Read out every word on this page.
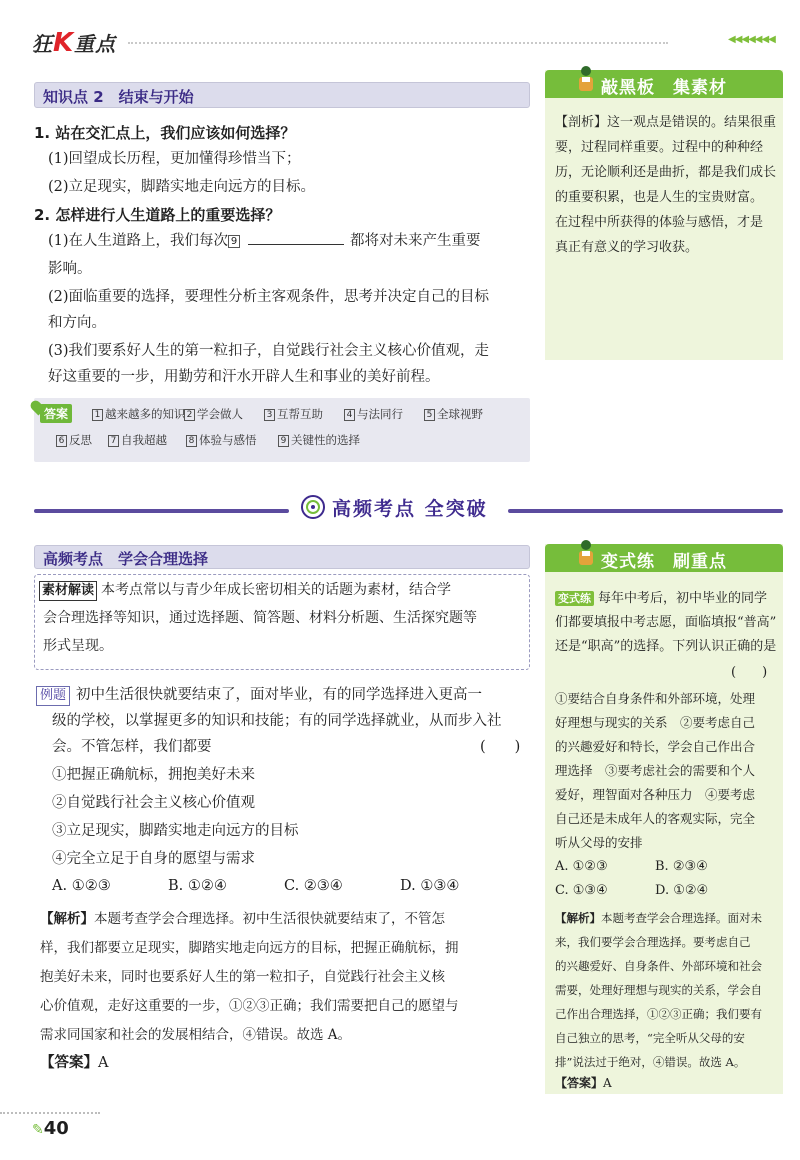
狂K重点	◀◀◀◀◀◀◀
知识点 2　结束与开始
1. 站在交汇点上，我们应该如何选择？
(1)回望成长历程，更加懂得珍惜当下；
(2)立足现实，脚踏实地走向远方的目标。
2. 怎样进行人生道路上的重要选择？
(1)在人生道路上，我们每次 9	都将对未来产生重要
影响。
(2)面临重要的选择，要理性分析主客观条件，思考并决定自己的目标
和方向。
(3)我们要系好人生的第一粒扣子，自觉践行社会主义核心价值观，走
好这重要的一步，用勤劳和汗水开辟人生和事业的美好前程。
答案	1 越来越多的知识 2 学会做人	3 互帮互助	4 与法同行	5 全球视野
6 反思 7 自我超越 8 体验与感悟	9 关键性的选择
敲黑板　集素材
【剖析】这一观点是错误的。结果很重
要，过程同样重要。过程中的种种经
历，无论顺利还是曲折，都是我们成长
的重要积累，也是人生的宝贵财富。
在过程中所获得的体验与感悟，才是
真正有意义的学习收获。
高频考点 全突破
高频考点　学会合理选择
素材解读 本考点常以与青少年成长密切相关的话题为素材，结合学
会合理选择等知识，通过选择题、简答题、材料分析题、生活探究题等
形式呈现。
例题 初中生活很快就要结束了，面对毕业，有的同学选择进入更高一
级的学校，以掌握更多的知识和技能；有的同学选择就业，从而步入社
会。不管怎样，我们都要	(　　)
①把握正确航标，拥抱美好未来
②自觉践行社会主义核心价值观
③立足现实，脚踏实地走向远方的目标
④完全立足于自身的愿望与需求
A. ①②③	B. ①②④	C. ②③④	D. ①③④
【解析】本题考查学会合理选择。初中生活很快就要结束了，不管怎
样，我们都要立足现实，脚踏实地走向远方的目标，把握正确航标，拥
抱美好未来，同时也要系好人生的第一粒扣子，自觉践行社会主义核
心价值观，走好这重要的一步，①②③正确；我们需要把自己的愿望与
需求同国家和社会的发展相结合，④错误。故选 A。
【答案】A
变式练　刷重点
变式练 每年中考后，初中毕业的同学
们都要填报中考志愿，面临填报“普高”
还是“职高”的选择。下列认识正确的是
(　　)
①要结合自身条件和外部环境，处理
好理想与现实的关系　②要考虑自己
的兴趣爱好和特长，学会自己作出合
理选择　③要考虑社会的需要和个人
爱好，理智面对各种压力　④要考虑
自己还是未成年人的客观实际，完全
听从父母的安排
A. ①②③	B. ②③④
C. ①③④	D. ①②④
【解析】本题考查学会合理选择。面对未
来，我们要学会合理选择。要考虑自己
的兴趣爱好、自身条件、外部环境和社会
需要，处理好理想与现实的关系，学会自
己作出合理选择，①②③正确；我们要有
自己独立的思考，“完全听从父母的安
排”说法过于绝对，④错误。故选 A。
【答案】A
✎40
